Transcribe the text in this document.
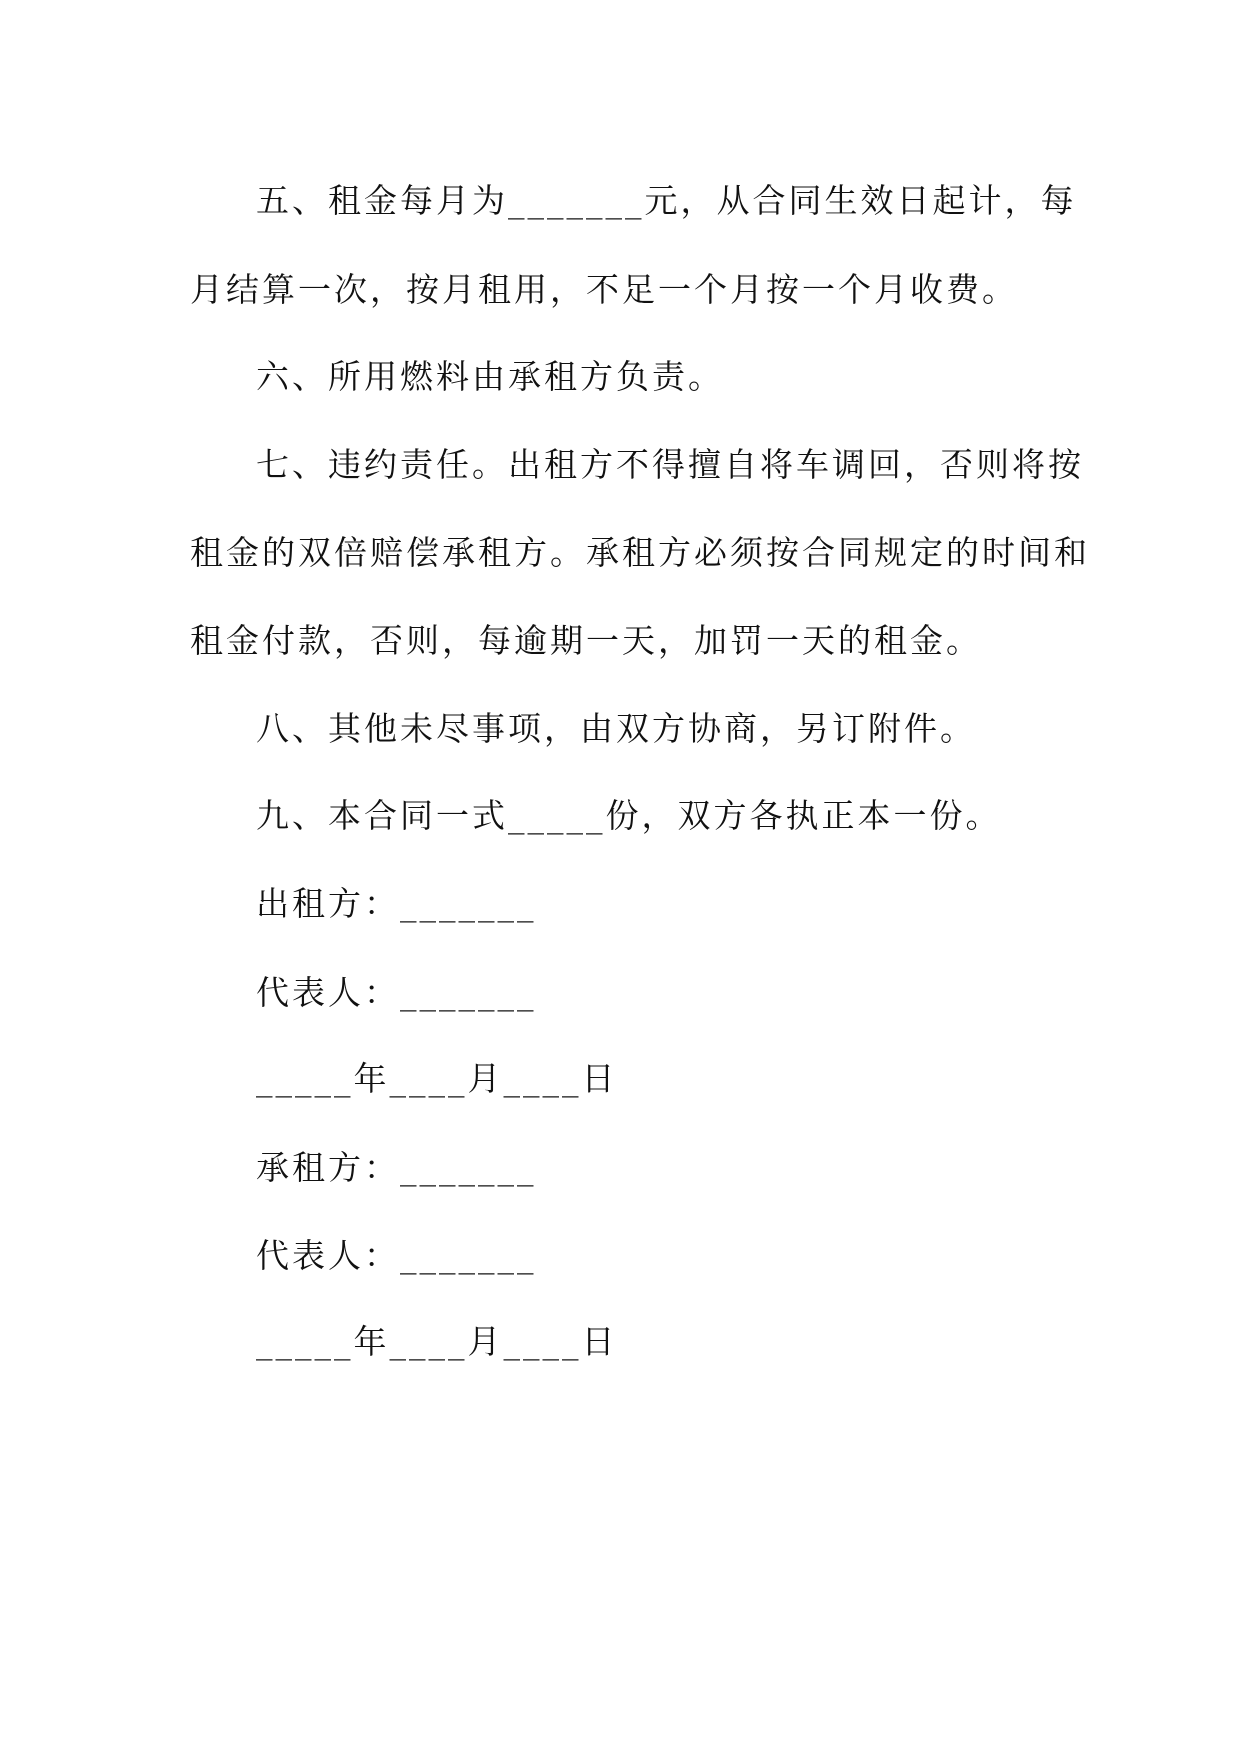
五、租金每月为_______元，从合同生效日起计，每
月结算一次，按月租用，不足一个月按一个月收费。
六、所用燃料由承租方负责。
七、违约责任。出租方不得擅自将车调回，否则将按
租金的双倍赔偿承租方。承租方必须按合同规定的时间和
租金付款，否则，每逾期一天，加罚一天的租金。
八、其他未尽事项，由双方协商，另订附件。
九、本合同一式_____份，双方各执正本一份。
出租方：_______
代表人：_______
_____年____月____日
承租方：_______
代表人：_______
_____年____月____日
